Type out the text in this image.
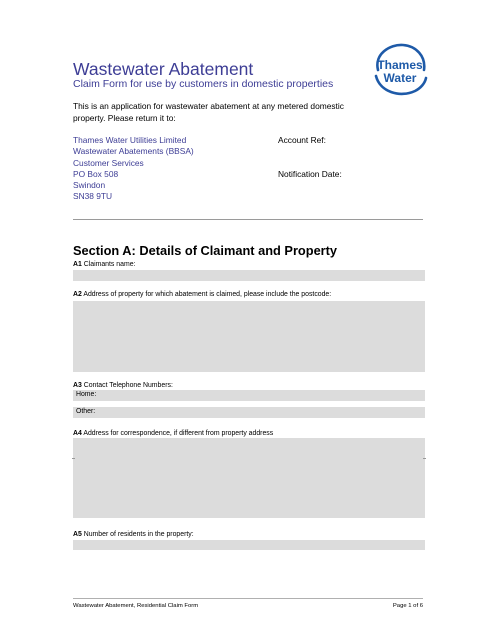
Wastewater Abatement
Claim Form for use by customers in domestic properties
Thames
Water
This is an application for wastewater abatement at any metered domestic property. Please return it to:
Thames Water Utilities Limited
Wastewater Abatements (BBSA)
Customer Services
PO Box 508
Swindon
SN38 9TU
Account Ref:
Notification Date:
Section A: Details of Claimant and Property
A1 Claimants name:
A2 Address of property for which abatement is claimed, please include the postcode:
A3 Contact Telephone Numbers:
Home:
Other:
A4 Address for correspondence, if different from property address
A5 Number of residents in the property:
Wastewater Abatement, Residential Claim Form	Page 1 of 6
